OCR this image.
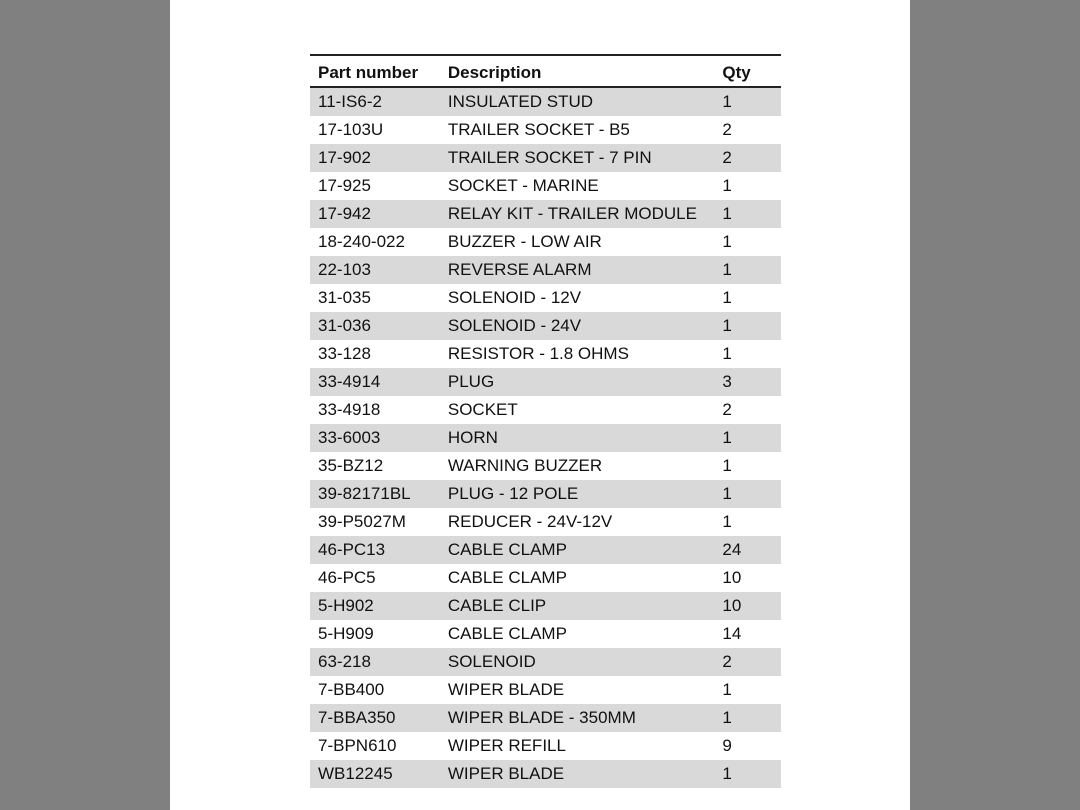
Part number	Description	Qty
11-IS6-2	INSULATED STUD	1
17-103U	TRAILER SOCKET - B5	2
17-902	TRAILER SOCKET - 7 PIN	2
17-925	SOCKET - MARINE	1
17-942	RELAY KIT - TRAILER MODULE	1
18-240-022	BUZZER - LOW AIR	1
22-103	REVERSE ALARM	1
31-035	SOLENOID - 12V	1
31-036	SOLENOID - 24V	1
33-128	RESISTOR - 1.8 OHMS	1
33-4914	PLUG	3
33-4918	SOCKET	2
33-6003	HORN	1
35-BZ12	WARNING BUZZER	1
39-82171BL	PLUG - 12 POLE	1
39-P5027M	REDUCER - 24V-12V	1
46-PC13	CABLE CLAMP	24
46-PC5	CABLE CLAMP	10
5-H902	CABLE CLIP	10
5-H909	CABLE CLAMP	14
63-218	SOLENOID	2
7-BB400	WIPER BLADE	1
7-BBA350	WIPER BLADE - 350MM	1
7-BPN610	WIPER REFILL	9
WB12245	WIPER BLADE	1
